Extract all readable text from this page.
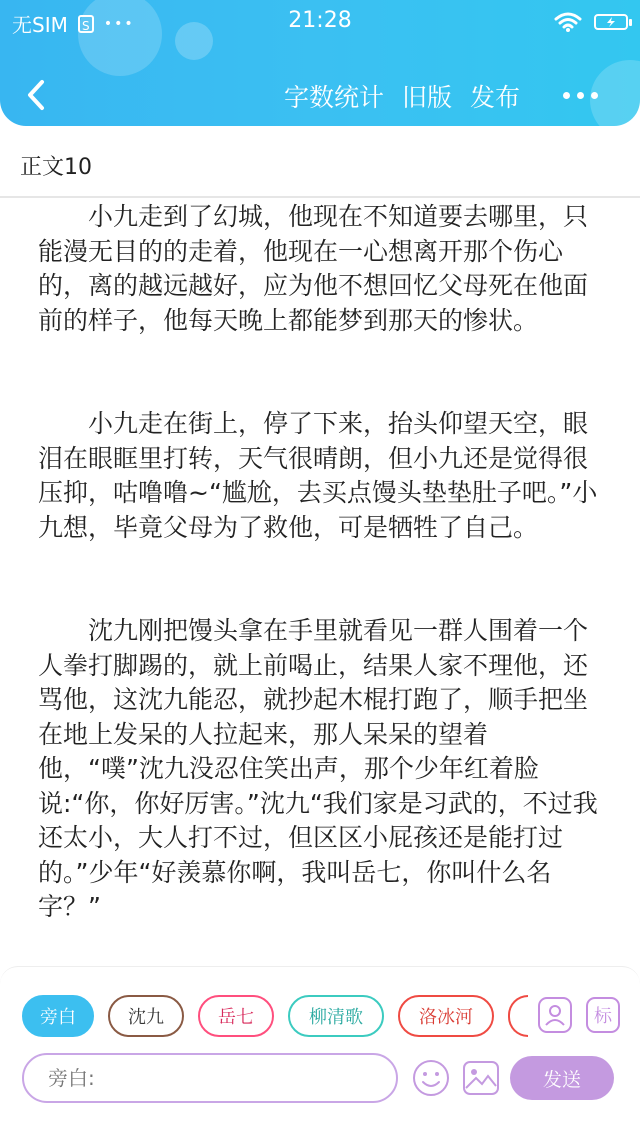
无SIM	S •••	21:28
字数统计 旧版 发布
正文10

小九走到了幻城，他现在不知道要去哪里，只能漫无目的的走着，他现在一心想离开那个伤心的，离的越远越好，应为他不想回忆父母死在他面前的样子，他每天晚上都能梦到那天的惨状。

小九走在街上，停了下来，抬头仰望天空，眼泪在眼眶里打转，天气很晴朗，但小九还是觉得很压抑，咕噜噜~“尴尬，去买点馒头垫垫肚子吧。”小九想，毕竟父母为了救他，可是牺牲了自己。

沈九刚把馒头拿在手里就看见一群人围着一个人拳打脚踢的，就上前喝止，结果人家不理他，还骂他，这沈九能忍，就抄起木棍打跑了，顺手把坐在地上发呆的人拉起来，那人呆呆的望着他，“噗”沈九没忍住笑出声，那个少年红着脸说:“你，你好厉害。”沈九“我们家是习武的，不过我还太小，大人打不过，但区区小屁孩还是能打过的。”少年“好羡慕你啊，我叫岳七，你叫什么名字？”

旁白	沈九	岳七	柳清歌	洛冰河	标
旁白:
发送
